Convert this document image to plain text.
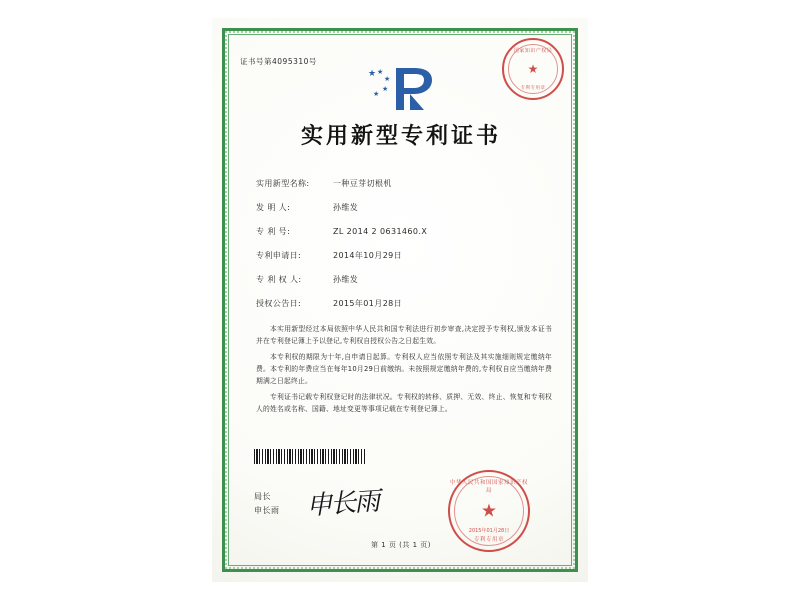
证书号第4095310号
★ ★
★
★
★
实用新型专利证书
实用新型名称:	一种豆芽切根机
发 明 人:	孙维发
专 利 号:	ZL 2014 2 0631460.X
专利申请日:	2014年10月29日
专 利 权 人:	孙维发
授权公告日:	2015年01月28日
本实用新型经过本局依照中华人民共和国专利法进行初步审查,决定授予专利权,颁发本证书并在专利登记簿上予以登记,专利权自授权公告之日起生效。
本专利权的期限为十年,自申请日起算。专利权人应当依照专利法及其实施细则规定缴纳年费。本专利的年费应当在每年10月29日前缴纳。未按照规定缴纳年费的,专利权自应当缴纳年费期满之日起终止。
专利证书记载专利权登记时的法律状况。专利权的转移、质押、无效、终止、恢复和专利权人的姓名或名称、国籍、地址变更等事项记载在专利登记簿上。
局长
申长雨 申长雨
第 1 页 (共 1 页)
国家知识产权局
★
专利专用章
中华人民共和国国家知识产权局
★
专利专用章
2015年01月28日
